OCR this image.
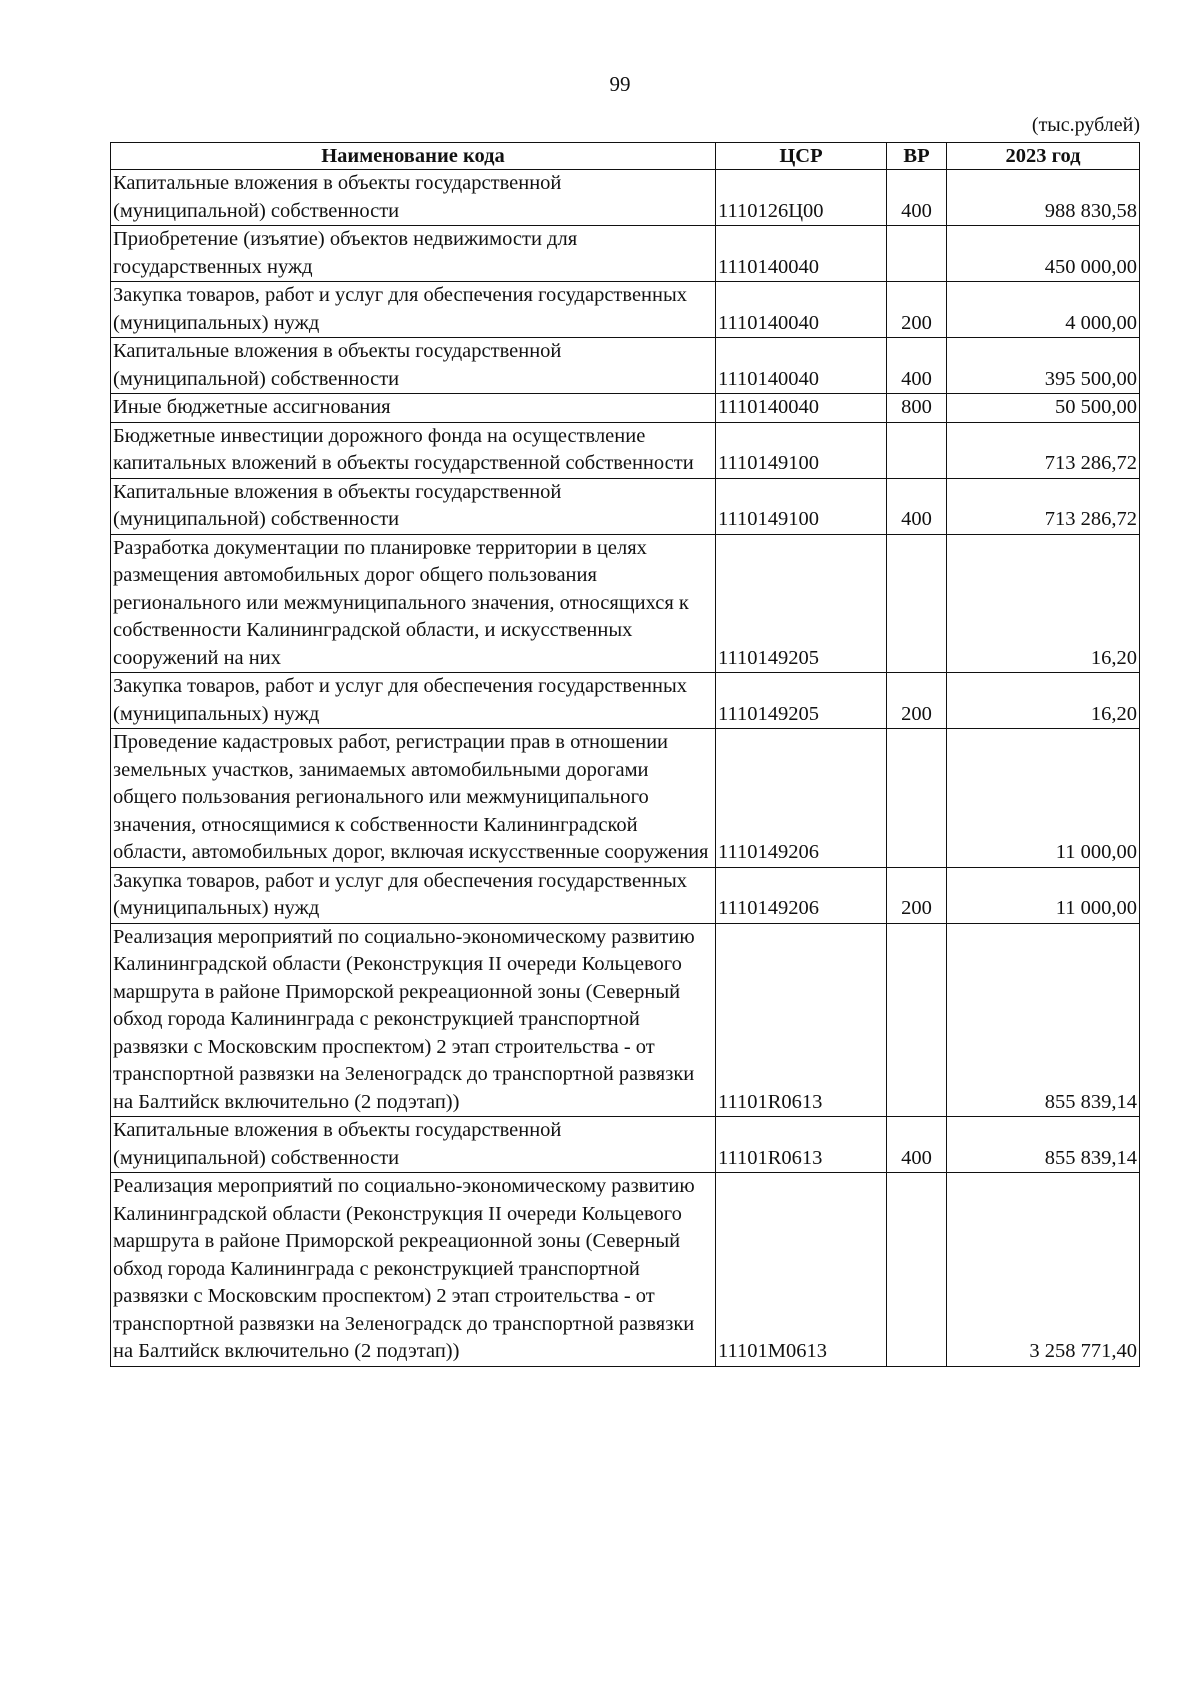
99
(тыс.рублей)
Наименование кода	ЦСР	ВР	2023 год
Капитальные вложения в объекты государственной (муниципальной) собственности	1110126Ц00	400	988 830,58
Приобретение (изъятие) объектов недвижимости для государственных нужд	1110140040		450 000,00
Закупка товаров, работ и услуг для обеспечения государственных (муниципальных) нужд	1110140040	200	4 000,00
Капитальные вложения в объекты государственной (муниципальной) собственности	1110140040	400	395 500,00
Иные бюджетные ассигнования	1110140040	800	50 500,00
Бюджетные инвестиции дорожного фонда на осуществление капитальных вложений в объекты государственной собственности	1110149100		713 286,72
Капитальные вложения в объекты государственной (муниципальной) собственности	1110149100	400	713 286,72
Разработка документации по планировке территории в целях размещения автомобильных дорог общего пользования регионального или межмуниципального значения, относящихся к собственности Калининградской области, и искусственных сооружений на них	1110149205		16,20
Закупка товаров, работ и услуг для обеспечения государственных (муниципальных) нужд	1110149205	200	16,20
Проведение кадастровых работ, регистрации прав в отношении земельных участков, занимаемых автомобильными дорогами общего пользования регионального или межмуниципального значения, относящимися к собственности Калининградской области, автомобильных дорог, включая искусственные сооружения	1110149206		11 000,00
Закупка товаров, работ и услуг для обеспечения государственных (муниципальных) нужд	1110149206	200	11 000,00
Реализация мероприятий по социально-экономическому развитию Калининградской области (Реконструкция II очереди Кольцевого маршрута в районе Приморской рекреационной зоны (Северный обход города Калининграда с реконструкцией транспортной развязки с Московским проспектом) 2 этап строительства - от транспортной развязки на Зеленоградск до транспортной развязки на Балтийск включительно (2 подэтап))	11101R0613		855 839,14
Капитальные вложения в объекты государственной (муниципальной) собственности	11101R0613	400	855 839,14
Реализация мероприятий по социально-экономическому развитию Калининградской области (Реконструкция II очереди Кольцевого маршрута в районе Приморской рекреационной зоны (Северный обход города Калининграда с реконструкцией транспортной развязки с Московским проспектом) 2 этап строительства - от транспортной развязки на Зеленоградск до транспортной развязки на Балтийск включительно (2 подэтап))	11101M0613		3 258 771,40
